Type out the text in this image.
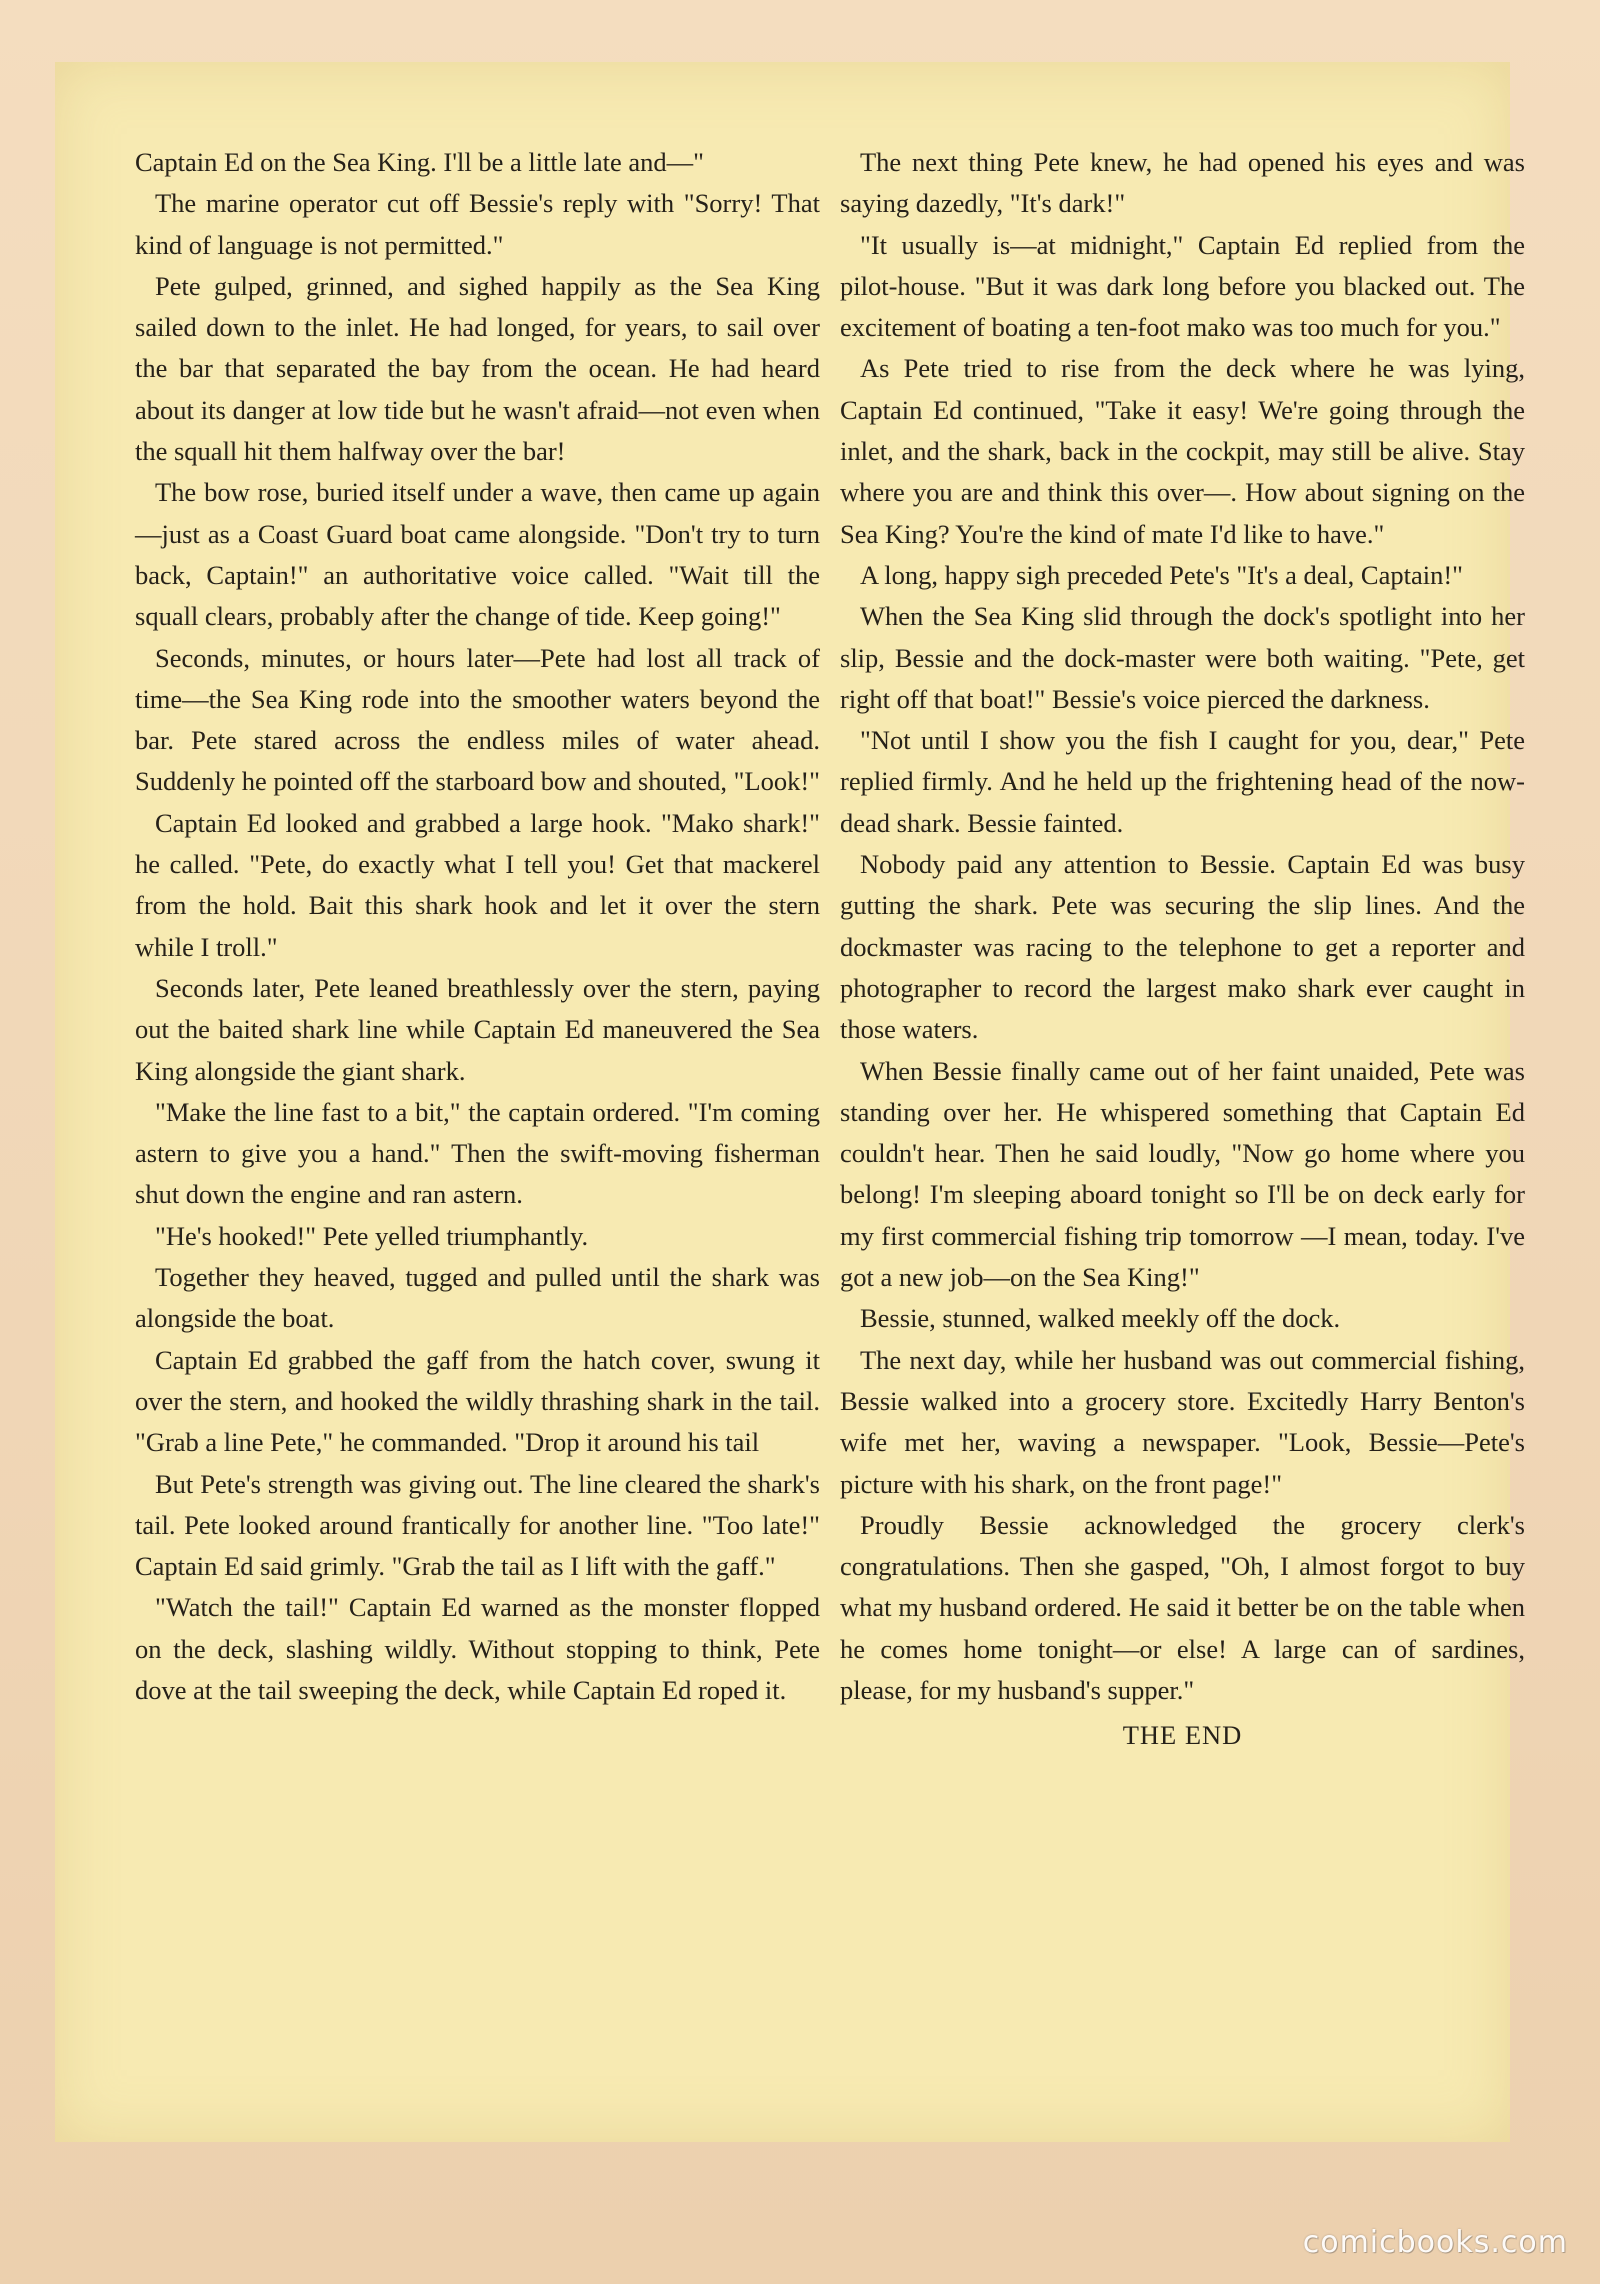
Captain Ed on the Sea King. I'll be a little late and—"

The marine operator cut off Bessie's reply with "Sorry! That kind of language is not permitted."

Pete gulped, grinned, and sighed happily as the Sea King sailed down to the inlet. He had longed, for years, to sail over the bar that separated the bay from the ocean. He had heard about its danger at low tide but he wasn't afraid—not even when the squall hit them halfway over the bar!

The bow rose, buried itself under a wave, then came up again—just as a Coast Guard boat came alongside. "Don't try to turn back, Captain!" an authoritative voice called. "Wait till the squall clears, probably after the change of tide. Keep going!"

Seconds, minutes, or hours later—Pete had lost all track of time—the Sea King rode into the smoother waters beyond the bar. Pete stared across the endless miles of water ahead. Suddenly he pointed off the starboard bow and shouted, "Look!"

Captain Ed looked and grabbed a large hook. "Mako shark!" he called. "Pete, do exactly what I tell you! Get that mackerel from the hold. Bait this shark hook and let it over the stern while I troll."

Seconds later, Pete leaned breathlessly over the stern, paying out the baited shark line while Captain Ed maneuvered the Sea King alongside the giant shark.

"Make the line fast to a bit," the captain ordered. "I'm coming astern to give you a hand." Then the swift-moving fisherman shut down the engine and ran astern.

"He's hooked!" Pete yelled triumphantly.

Together they heaved, tugged and pulled until the shark was alongside the boat.

Captain Ed grabbed the gaff from the hatch cover, swung it over the stern, and hooked the wildly thrashing shark in the tail. "Grab a line Pete," he commanded. "Drop it around his tail

But Pete's strength was giving out. The line cleared the shark's tail. Pete looked around frantically for another line. "Too late!" Captain Ed said grimly. "Grab the tail as I lift with the gaff."

"Watch the tail!" Captain Ed warned as the monster flopped on the deck, slashing wildly. Without stopping to think, Pete dove at the tail sweeping the deck, while Captain Ed roped it.

The next thing Pete knew, he had opened his eyes and was saying dazedly, "It's dark!"

"It usually is—at midnight," Captain Ed replied from the pilot-house. "But it was dark long before you blacked out. The excitement of boating a ten-foot mako was too much for you."

As Pete tried to rise from the deck where he was lying, Captain Ed continued, "Take it easy! We're going through the inlet, and the shark, back in the cockpit, may still be alive. Stay where you are and think this over—. How about signing on the Sea King? You're the kind of mate I'd like to have."

A long, happy sigh preceded Pete's "It's a deal, Captain!"

When the Sea King slid through the dock's spotlight into her slip, Bessie and the dock-master were both waiting. "Pete, get right off that boat!" Bessie's voice pierced the darkness.

"Not until I show you the fish I caught for you, dear," Pete replied firmly. And he held up the frightening head of the now-dead shark. Bessie fainted.

Nobody paid any attention to Bessie. Captain Ed was busy gutting the shark. Pete was securing the slip lines. And the dockmaster was racing to the telephone to get a reporter and photographer to record the largest mako shark ever caught in those waters.

When Bessie finally came out of her faint unaided, Pete was standing over her. He whispered something that Captain Ed couldn't hear. Then he said loudly, "Now go home where you belong! I'm sleeping aboard tonight so I'll be on deck early for my first commercial fishing trip tomorrow —I mean, today. I've got a new job—on the Sea King!"

Bessie, stunned, walked meekly off the dock.

The next day, while her husband was out commercial fishing, Bessie walked into a grocery store. Excitedly Harry Benton's wife met her, waving a newspaper. "Look, Bessie—Pete's picture with his shark, on the front page!"

Proudly Bessie acknowledged the grocery clerk's congratulations. Then she gasped, "Oh, I almost forgot to buy what my husband ordered. He said it better be on the table when he comes home tonight—or else! A large can of sardines, please, for my husband's supper."

THE END

comicbooks.com
